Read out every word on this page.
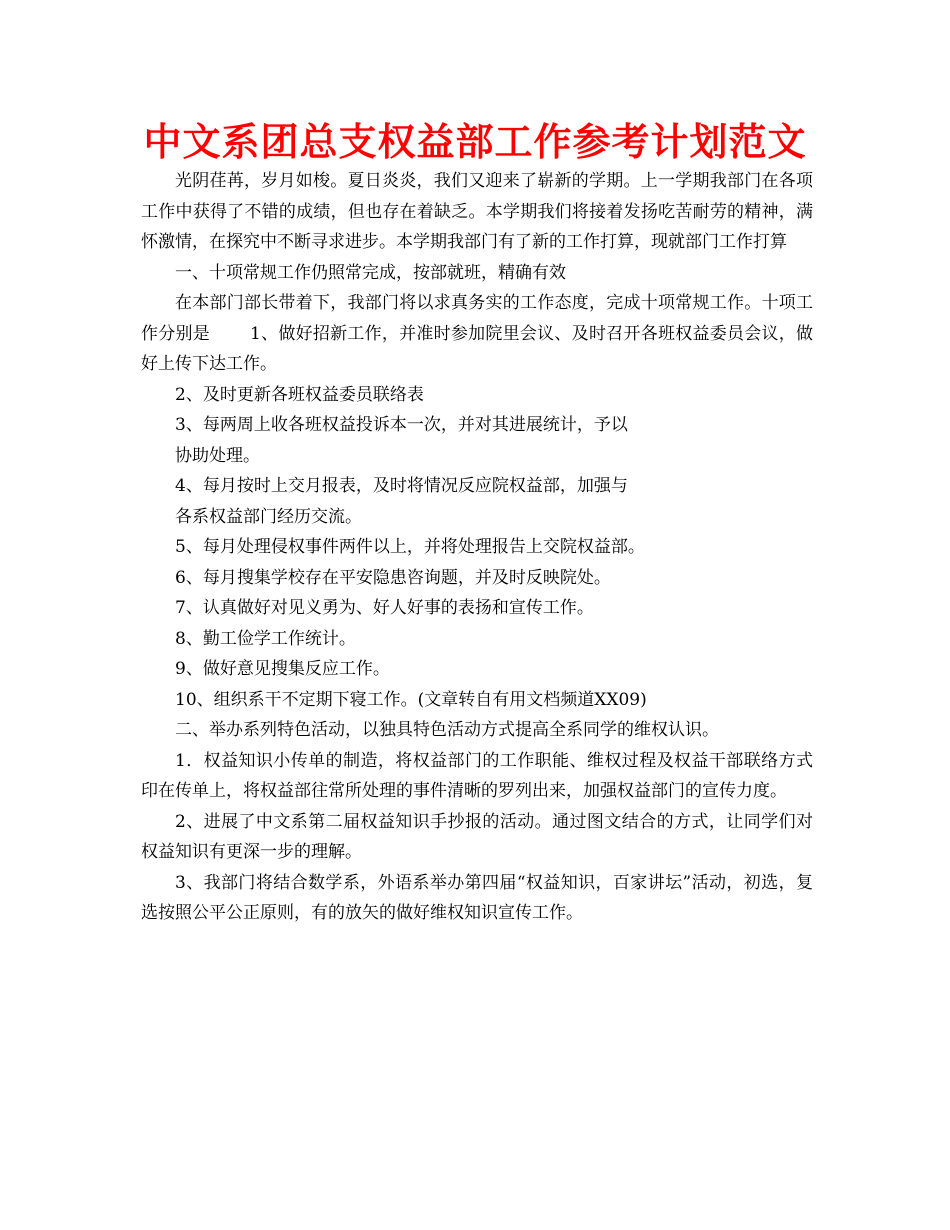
中文系团总支权益部工作参考计划范文

光阴荏苒，岁月如梭。夏日炎炎，我们又迎来了崭新的学期。上一学期我部门在各项工作中获得了不错的成绩，但也存在着缺乏。本学期我们将接着发扬吃苦耐劳的精神，满怀激情，在探究中不断寻求进步。本学期我部门有了新的工作打算，现就部门工作打算

一、十项常规工作仍照常完成，按部就班，精确有效

在本部门部长带着下，我部门将以求真务实的工作态度，完成十项常规工作。十项工作分别是 1、做好招新工作，并准时参加院里会议、及时召开各班权益委员会议，做好上传下达工作。

2、及时更新各班权益委员联络表

3、每两周上收各班权益投诉本一次，并对其进展统计，予以

协助处理。

4、每月按时上交月报表，及时将情况反应院权益部，加强与

各系权益部门经历交流。

5、每月处理侵权事件两件以上，并将处理报告上交院权益部。

6、每月搜集学校存在平安隐患咨询题，并及时反映院处。

7、认真做好对见义勇为、好人好事的表扬和宣传工作。

8、勤工俭学工作统计。

9、做好意见搜集反应工作。

10、组织系干不定期下寝工作。(文章转自有用文档频道XX09)

二、举办系列特色活动，以独具特色活动方式提高全系同学的维权认识。

1．权益知识小传单的制造，将权益部门的工作职能、维权过程及权益干部联络方式印在传单上，将权益部往常所处理的事件清晰的罗列出来，加强权益部门的宣传力度。

2、进展了中文系第二届权益知识手抄报的活动。通过图文结合的方式，让同学们对权益知识有更深一步的理解。

3、我部门将结合数学系，外语系举办第四届“权益知识，百家讲坛”活动，初选，复选按照公平公正原则，有的放矢的做好维权知识宣传工作。
